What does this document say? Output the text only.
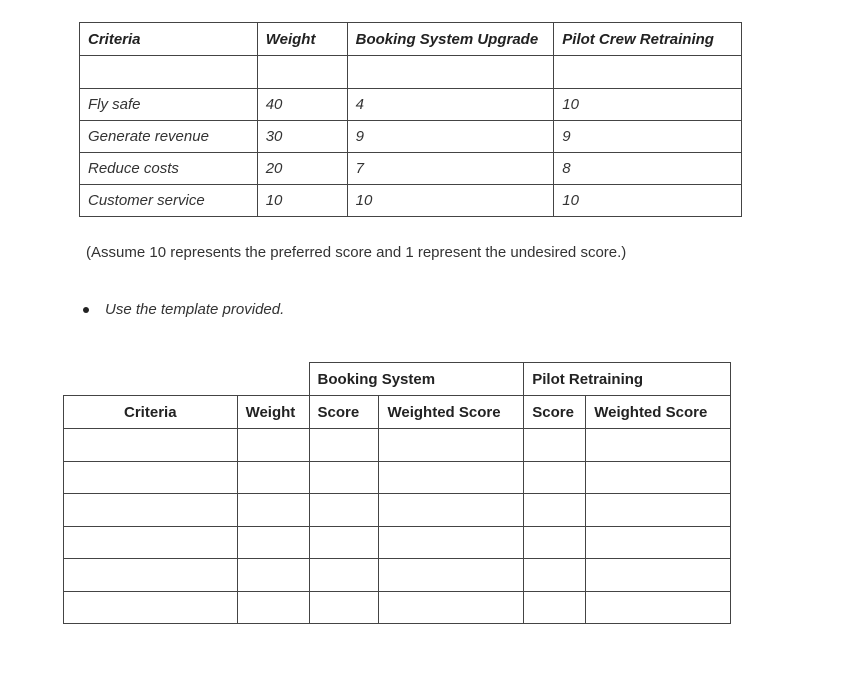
Criteria	Weight	Booking System Upgrade	Pilot Crew Retraining

Fly safe	40	4	10
Generate revenue	30	9	9
Reduce costs	20	7	8
Customer service	10	10	10
(Assume 10 represents the preferred score and 1 represent the undesired score.)
Use the template provided.
		Booking System		Pilot Retraining	
Criteria	Weight	Score	Weighted Score	Score	Weighted Score
